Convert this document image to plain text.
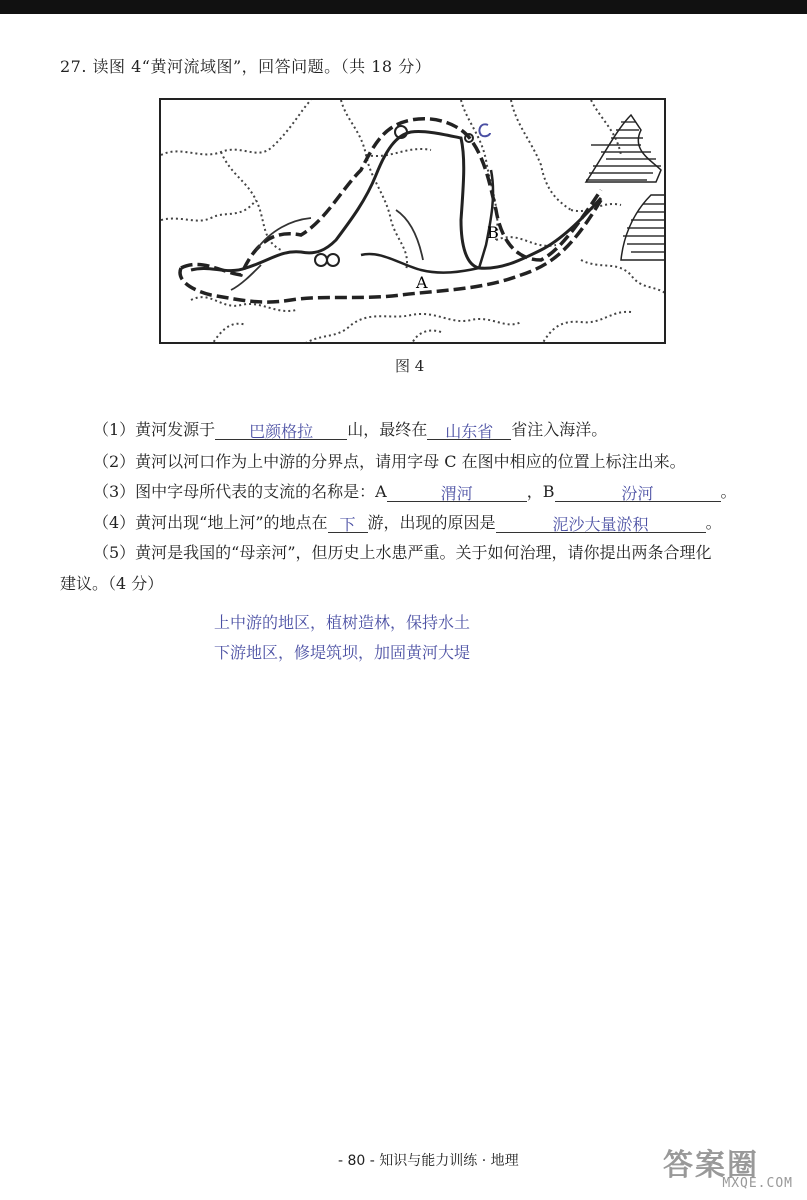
27. 读图 4“黄河流域图”，回答问题。（共 18 分）
A
B
图 4
（1）黄河发源于 巴颜格拉 山，最终在 山东省 省注入海洋。
（2）黄河以河口作为上中游的分界点，请用字母 C 在图中相应的位置上标注出来。
（3）图中字母所代表的支流的名称是：A	渭河	，B	汾河	。
（4）黄河出现“地上河”的地点在 下 游，出现的原因是	泥沙大量淤积	。
（5）黄河是我国的“母亲河”，但历史上水患严重。关于如何治理，请你提出两条合理化
建议。（4 分）
上中游的地区，植树造林，保持水土
下游地区，修堤筑坝，加固黄河大堤
- 80 - 知识与能力训练 · 地理	答案圈
MXQE.COM
